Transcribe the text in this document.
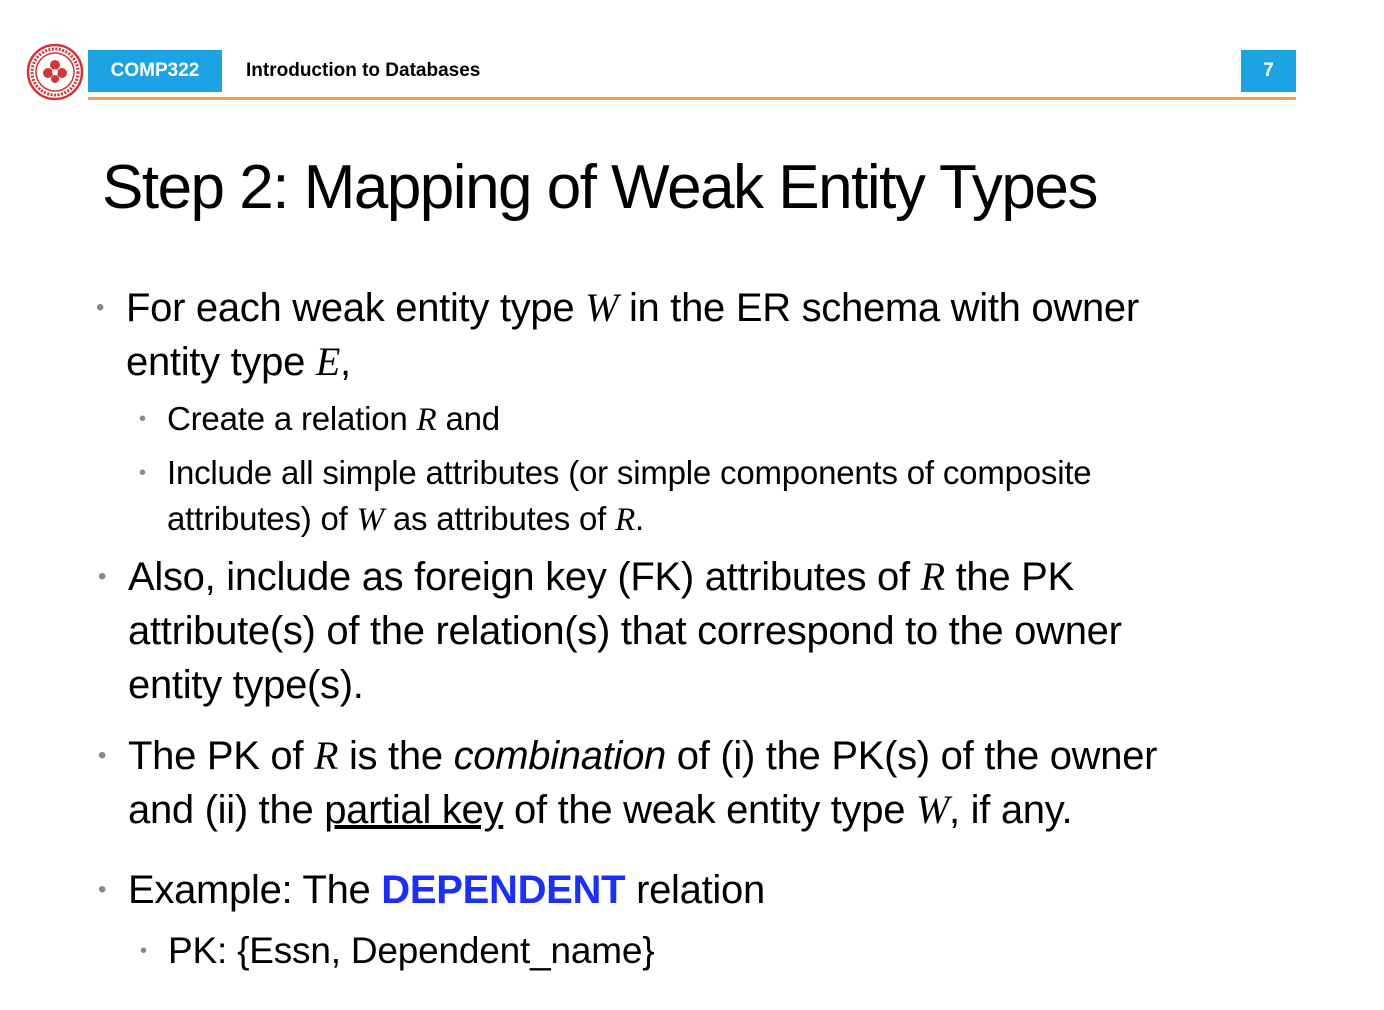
COMP322 Introduction to Databases	7
Step 2: Mapping of Weak Entity Types
• For each weak entity type W in the ER schema with owner
entity type E,
• Create a relation R and
• Include all simple attributes (or simple components of composite
attributes) of W as attributes of R.
• Also, include as foreign key (FK) attributes of R the PK
attribute(s) of the relation(s) that correspond to the owner
entity type(s).
• The PK of R is the combination of (i) the PK(s) of the owner
and (ii) the partial key of the weak entity type W, if any.
• Example: The DEPENDENT relation
• PK: {Essn, Dependent_name}
